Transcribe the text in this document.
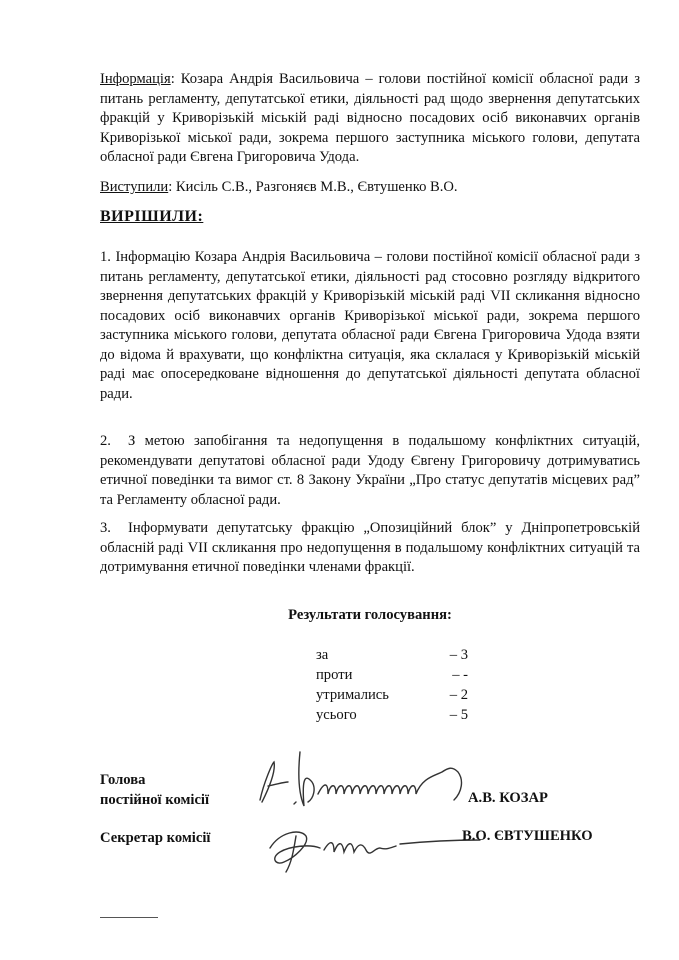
Інформація: Козара Андрія Васильовича – голови постійної комісії обласної ради з питань регламенту, депутатської етики, діяльності рад щодо звернення депутатських фракцій у Криворізькій міській раді відносно посадових осіб виконавчих органів Криворізької міської ради, зокрема першого заступника міського голови, депутата обласної ради Євгена Григоровича Удода.

Виступили: Кисіль С.В., Разгоняєв М.В., Євтушенко В.О.

ВИРІШИЛИ:

1. Інформацію Козара Андрія Васильовича – голови постійної комісії обласної ради з питань регламенту, депутатської етики, діяльності рад стосовно розгляду відкритого звернення депутатських фракцій у Криворізькій міській раді VII скликання відносно посадових осіб виконавчих органів Криворізької міської ради, зокрема першого заступника міського голови, депутата обласної ради Євгена Григоровича Удода взяти до відома й врахувати, що конфліктна ситуація, яка склалася у Криворізькій міській раді має опосередковане відношення до депутатської діяльності депутата обласної ради.

2. З метою запобігання та недопущення в подальшому конфліктних ситуацій, рекомендувати депутатові обласної ради Удоду Євгену Григоровичу дотримуватись етичної поведінки та вимог ст. 8 Закону України „Про статус депутатів місцевих рад” та Регламенту обласної ради.

3. Інформувати депутатську фракцію „Опозиційний блок” у Дніпропетровській обласній раді VII скликання про недопущення в подальшому конфліктних ситуацій та дотримування етичної поведінки членами фракції.

Результати голосування:

за	– 3
проти	– -
утримались	– 2
усього	– 5

Голова
постійної комісії	А.В. КОЗАР

Секретар комісії	В.О. ЄВТУШЕНКО
